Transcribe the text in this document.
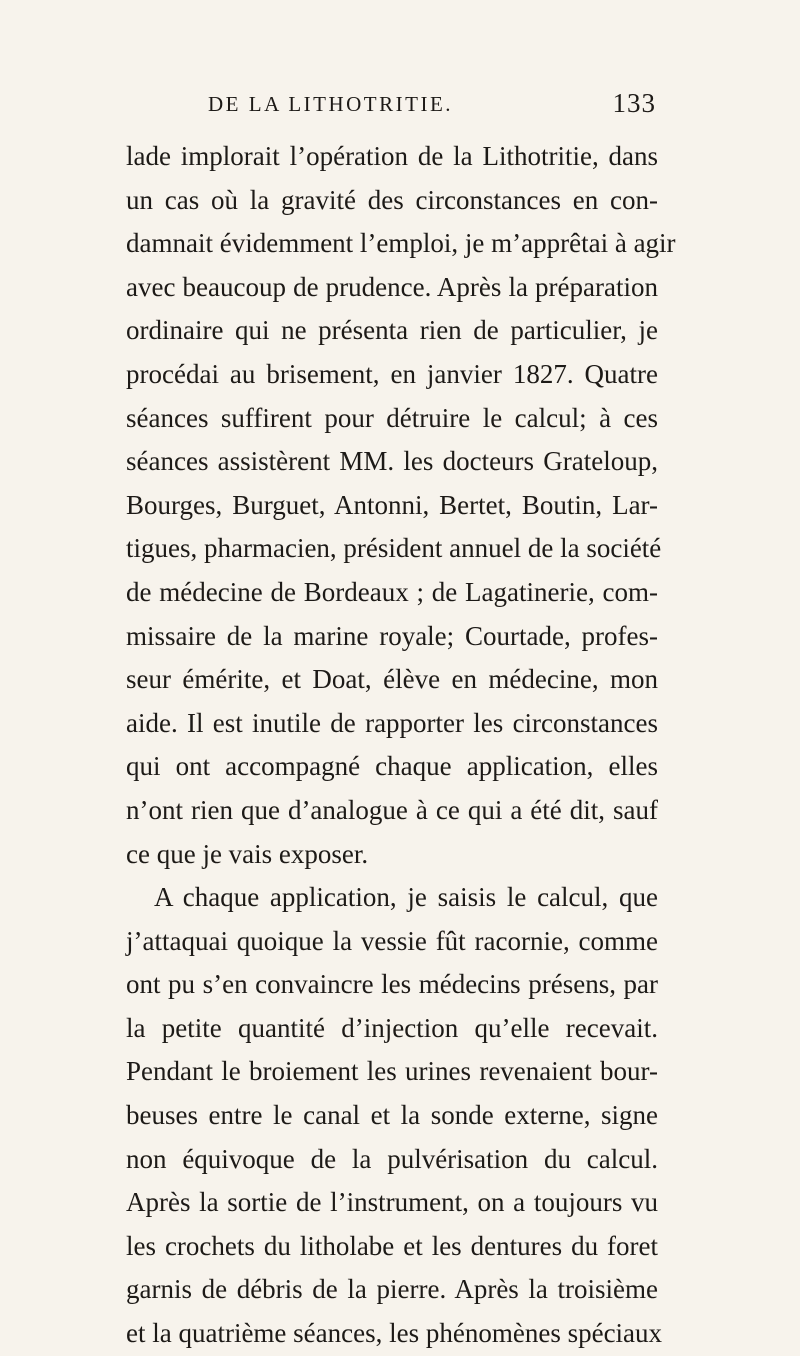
DE LA LITHOTRITIE.	133
lade implorait l’opération de la Lithotritie, dans
un cas où la gravité des circonstances en con-
damnait évidemment l’emploi, je m’apprêtai à agir
avec beaucoup de prudence. Après la préparation
ordinaire qui ne présenta rien de particulier, je
procédai au brisement, en janvier 1827. Quatre
séances suffirent pour détruire le calcul; à ces
séances assistèrent MM. les docteurs Grateloup,
Bourges, Burguet, Antonni, Bertet, Boutin, Lar-
tigues, pharmacien, président annuel de la société
de médecine de Bordeaux ; de Lagatinerie, com-
missaire de la marine royale; Courtade, profes-
seur émérite, et Doat, élève en médecine, mon
aide. Il est inutile de rapporter les circonstances
qui ont accompagné chaque application, elles
n’ont rien que d’analogue à ce qui a été dit, sauf
ce que je vais exposer.
A chaque application, je saisis le calcul, que
j’attaquai quoique la vessie fût racornie, comme
ont pu s’en convaincre les médecins présens, par
la petite quantité d’injection qu’elle recevait.
Pendant le broiement les urines revenaient bour-
beuses entre le canal et la sonde externe, signe
non équivoque de la pulvérisation du calcul.
Après la sortie de l’instrument, on a toujours vu
les crochets du litholabe et les dentures du foret
garnis de débris de la pierre. Après la troisième
et la quatrième séances, les phénomènes spéciaux
